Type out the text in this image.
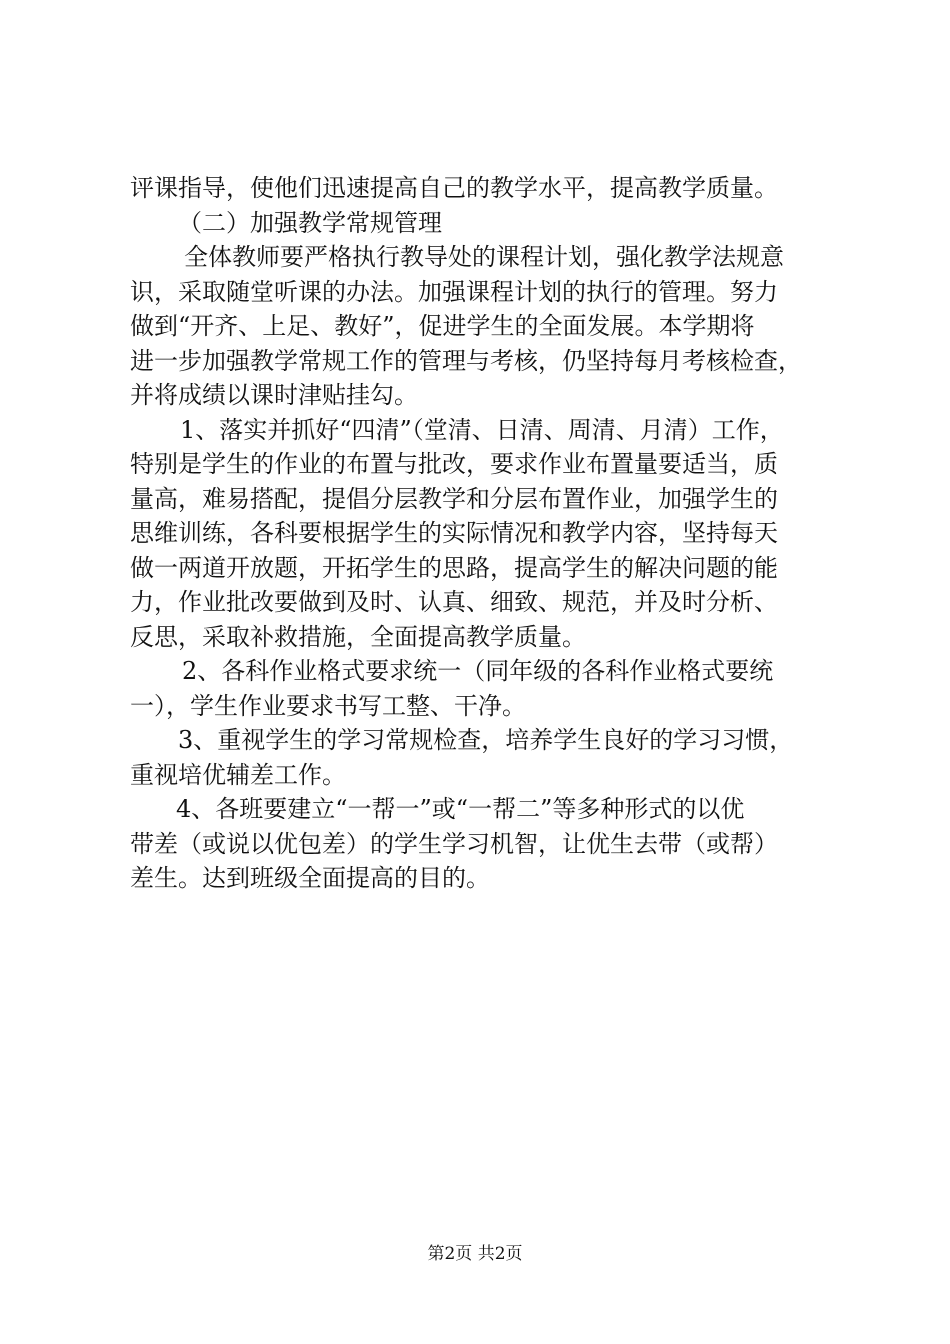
评课指导，使他们迅速提高自己的教学水平，提高教学质量。
（二）加强教学常规管理
全体教师要严格执行教导处的课程计划，强化教学法规意
识，采取随堂听课的办法。加强课程计划的执行的管理。努力
做到“开齐、上足、教好”，促进学生的全面发展。本学期将
进一步加强教学常规工作的管理与考核，仍坚持每月考核检查，
并将成绩以课时津贴挂勾。
1、落实并抓好“四清”（堂清、日清、周清、月清）工作，
特别是学生的作业的布置与批改，要求作业布置量要适当，质
量高，难易搭配，提倡分层教学和分层布置作业，加强学生的
思维训练，各科要根据学生的实际情况和教学内容，坚持每天
做一两道开放题，开拓学生的思路，提高学生的解决问题的能
力，作业批改要做到及时、认真、细致、规范，并及时分析、
反思，采取补救措施，全面提高教学质量。
2、各科作业格式要求统一（同年级的各科作业格式要统
一），学生作业要求书写工整、干净。
3、重视学生的学习常规检查，培养学生良好的学习习惯，
重视培优辅差工作。
4、各班要建立“一帮一”或“一帮二”等多种形式的以优
带差（或说以优包差）的学生学习机智，让优生去带（或帮）
差生。达到班级全面提高的目的。
第2页 共2页
